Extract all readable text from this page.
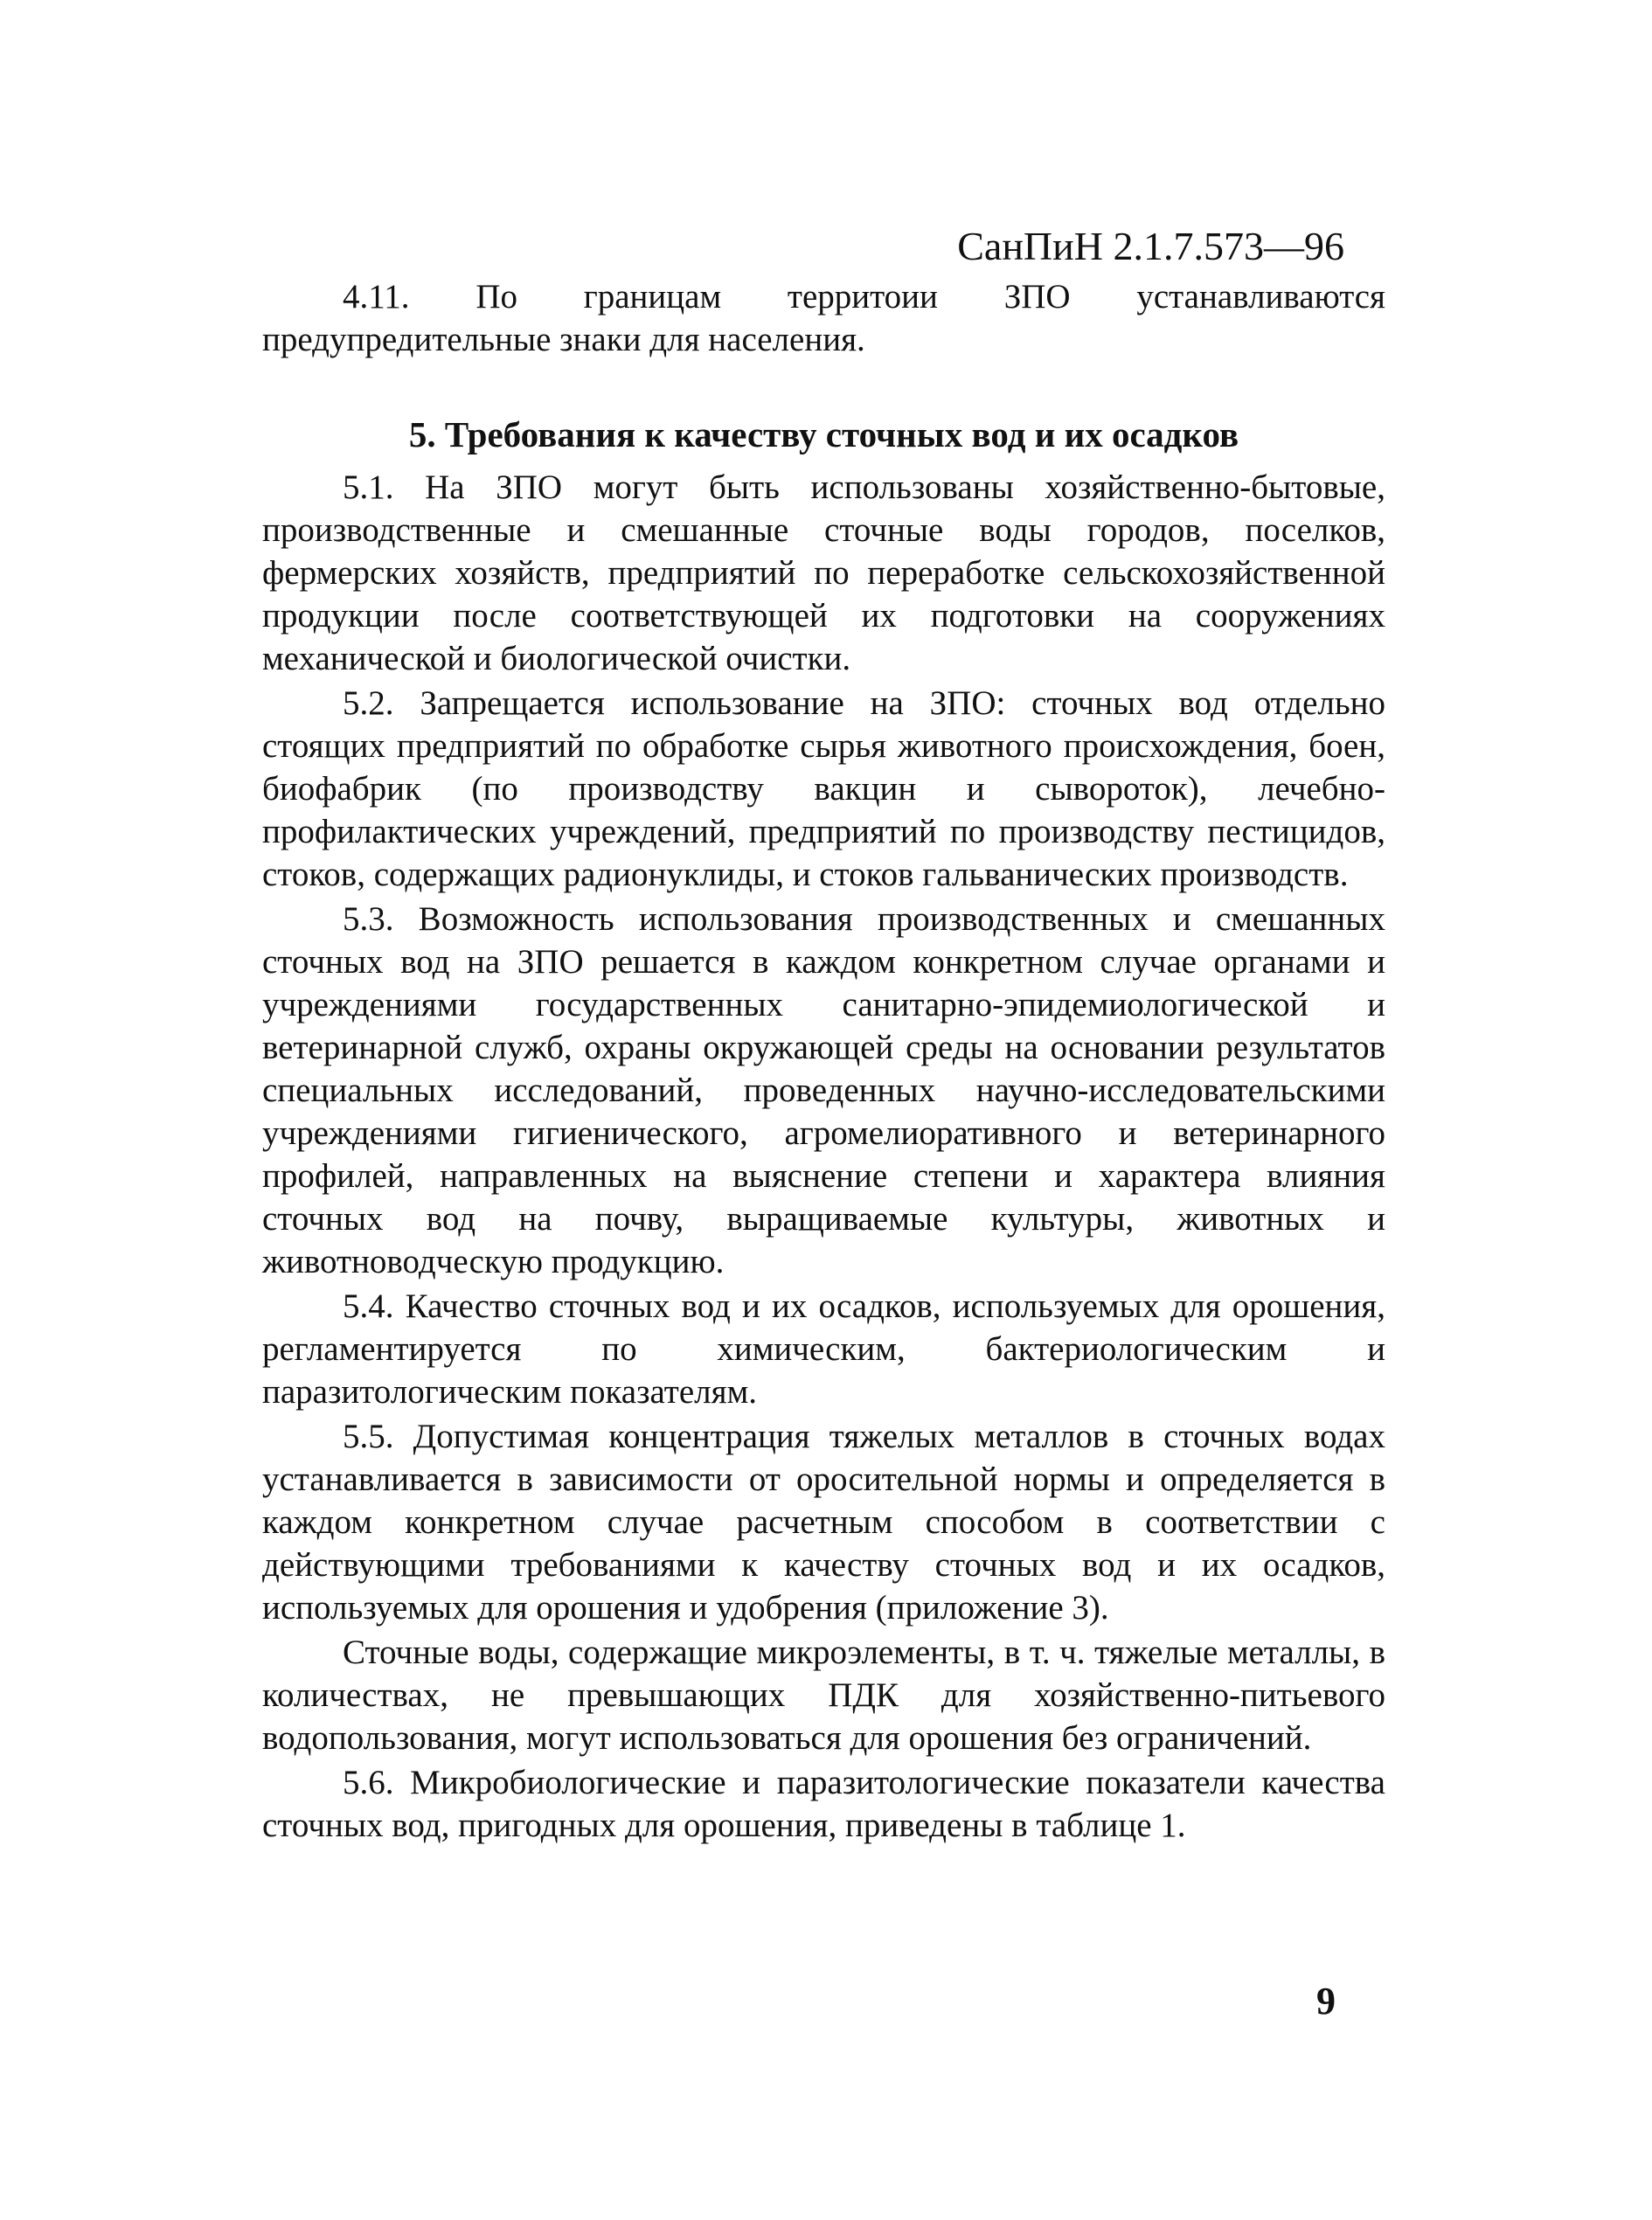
СанПиН 2.1.7.573—96

4.11. По границам территоии ЗПО устанавливаются предупредительные знаки для населения.

5. Требования к качеству сточных вод и их осадков

5.1. На ЗПО могут быть использованы хозяйственно-бытовые, производственные и смешанные сточные воды городов, поселков, фермерских хозяйств, предприятий по переработке сельскохозяйственной продукции после соответствующей их подготовки на сооружениях механической и биологической очистки.

5.2. Запрещается использование на ЗПО: сточных вод отдельно стоящих предприятий по обработке сырья животного происхождения, боен, биофабрик (по производству вакцин и сывороток), лечебно-профилактических учреждений, предприятий по производству пестицидов, стоков, содержащих радионуклиды, и стоков гальванических производств.

5.3. Возможность использования производственных и смешанных сточных вод на ЗПО решается в каждом конкретном случае органами и учреждениями государственных санитарно-эпидемиологической и ветеринарной служб, охраны окружающей среды на основании результатов специальных исследований, проведенных научно-исследовательскими учреждениями гигиенического, агромелиоративного и ветеринарного профилей, направленных на выяснение степени и характера влияния сточных вод на почву, выращиваемые культуры, животных и животноводческую продукцию.

5.4. Качество сточных вод и их осадков, используемых для орошения, регламентируется по химическим, бактериологическим и паразитологическим показателям.

5.5. Допустимая концентрация тяжелых металлов в сточных водах устанавливается в зависимости от оросительной нормы и определяется в каждом конкретном случае расчетным способом в соответствии с действующими требованиями к качеству сточных вод и их осадков, используемых для орошения и удобрения (приложение 3).

Сточные воды, содержащие микроэлементы, в т. ч. тяжелые металлы, в количествах, не превышающих ПДК для хозяйственно-питьевого водопользования, могут использоваться для орошения без ограничений.

5.6. Микробиологические и паразитологические показатели качества сточных вод, пригодных для орошения, приведены в таблице 1.

9
